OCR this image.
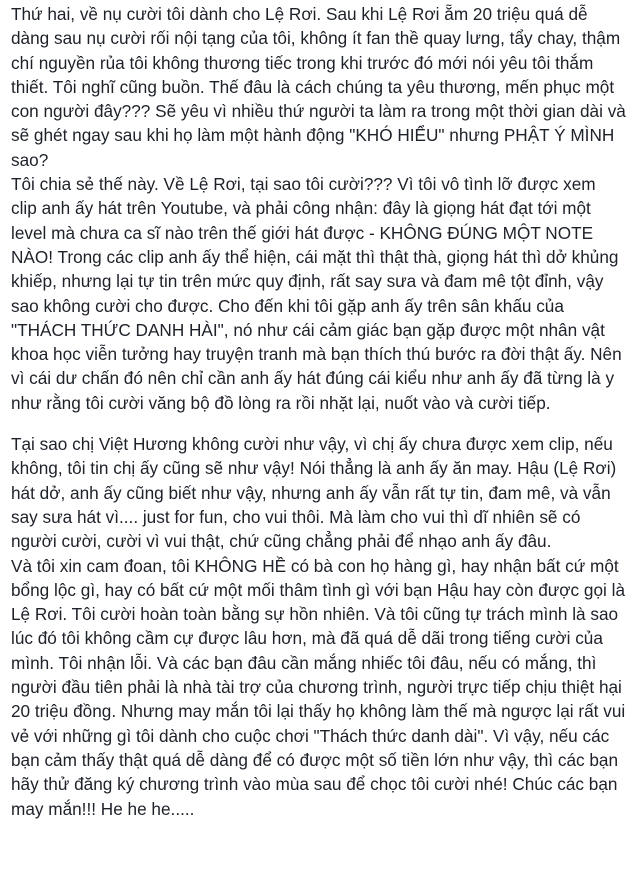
Thứ hai, về nụ cười tôi dành cho Lệ Rơi. Sau khi Lệ Rơi ẵm 20 triệu quá dễ dàng sau nụ cười rối nội tạng của tôi, không ít fan thề quay lưng, tẩy chay, thậm chí nguyền rủa tôi không thương tiếc trong khi trước đó mới nói yêu tôi thắm thiết. Tôi nghĩ cũng buồn. Thế đâu là cách chúng ta yêu thương, mến phục một con người đây??? Sẽ yêu vì nhiều thứ người ta làm ra trong một thời gian dài và sẽ ghét ngay sau khi họ làm một hành động "KHÓ HIỂU" nhưng PHẬT Ý MÌNH sao?

Tôi chia sẻ thế này. Về Lệ Rơi, tại sao tôi cười??? Vì tôi vô tình lỡ được xem clip anh ấy hát trên Youtube, và phải công nhận: đây là giọng hát đạt tới một level mà chưa ca sĩ nào trên thế giới hát được - KHÔNG ĐÚNG MỘT NOTE NÀO! Trong các clip anh ấy thể hiện, cái mặt thì thật thà, giọng hát thì dở khủng khiếp, nhưng lại tự tin trên mức quy định, rất say sưa và đam mê tột đỉnh, vậy sao không cười cho được. Cho đến khi tôi gặp anh ấy trên sân khấu của "THÁCH THỨC DANH HÀI", nó như cái cảm giác bạn gặp được một nhân vật khoa học viễn tưởng hay truyện tranh mà bạn thích thú bước ra đời thật ấy. Nên vì cái dư chấn đó nên chỉ cần anh ấy hát đúng cái kiểu như anh ấy đã từng là y như rằng tôi cười văng bộ đồ lòng ra rồi nhặt lại, nuốt vào và cười tiếp.

Tại sao chị Việt Hương không cười như vậy, vì chị ấy chưa được xem clip, nếu không, tôi tin chị ấy cũng sẽ như vậy! Nói thẳng là anh ấy ăn may. Hậu (Lệ Rơi) hát dở, anh ấy cũng biết như vậy, nhưng anh ấy vẫn rất tự tin, đam mê, và vẫn say sưa hát vì.... just for fun, cho vui thôi. Mà làm cho vui thì dĩ nhiên sẽ có người cười, cười vì vui thật, chứ cũng chẳng phải để nhạo anh ấy đâu.

Và tôi xin cam đoan, tôi KHÔNG HỀ có bà con họ hàng gì, hay nhận bất cứ một bổng lộc gì, hay có bất cứ một mối thâm tình gì với bạn Hậu hay còn được gọi là Lệ Rơi. Tôi cười hoàn toàn bằng sự hồn nhiên. Và tôi cũng tự trách mình là sao lúc đó tôi không cầm cự được lâu hơn, mà đã quá dễ dãi trong tiếng cười của mình. Tôi nhận lỗi. Và các bạn đâu cần mắng nhiếc tôi đâu, nếu có mắng, thì người đầu tiên phải là nhà tài trợ của chương trình, người trực tiếp chịu thiệt hại 20 triệu đồng. Nhưng may mắn tôi lại thấy họ không làm thế mà ngược lại rất vui vẻ với những gì tôi dành cho cuộc chơi "Thách thức danh dài". Vì vậy, nếu các bạn cảm thấy thật quá dễ dàng để có được một số tiền lớn như vậy, thì các bạn hãy thử đăng ký chương trình vào mùa sau để chọc tôi cười nhé! Chúc các bạn may mắn!!! He he he.....
